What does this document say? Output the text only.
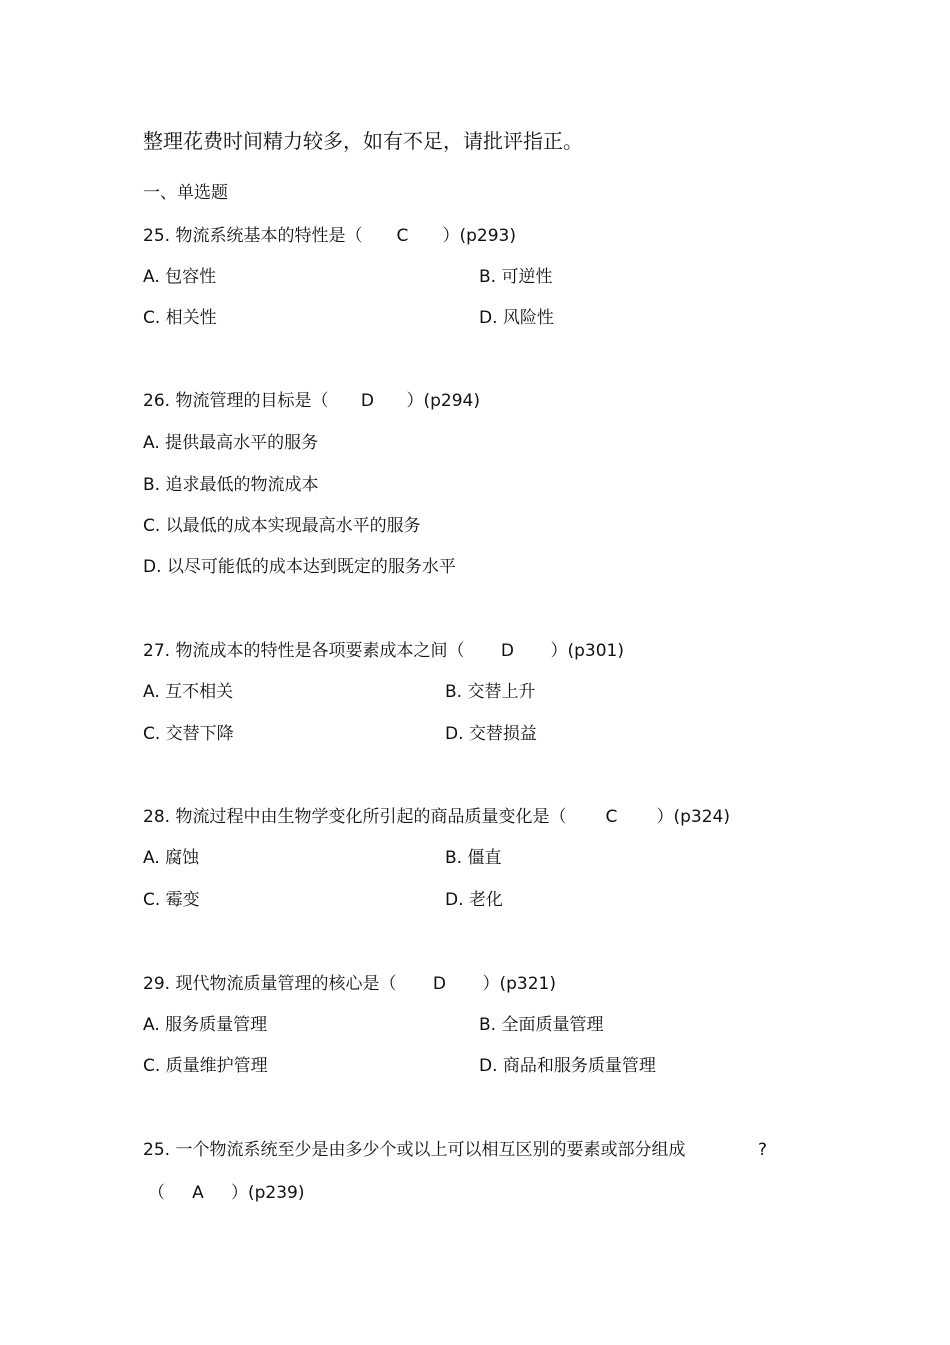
整理花费时间精力较多，如有不足，请批评指正。
一、单选题
25. 物流系统基本的特性是（ C ）(p293)
A. 包容性	B. 可逆性
C. 相关性	D. 风险性
26. 物流管理的目标是（ D ）(p294)
A. 提供最高水平的服务
B. 追求最低的物流成本
C. 以最低的成本实现最高水平的服务
D. 以尽可能低的成本达到既定的服务水平
27. 物流成本的特性是各项要素成本之间（ D ）(p301)
A. 互不相关	B. 交替上升
C. 交替下降	D. 交替损益
28. 物流过程中由生物学变化所引起的商品质量变化是（ C ）(p324)
A. 腐蚀	B. 僵直
C. 霉变	D. 老化
29. 现代物流质量管理的核心是（ D ）(p321)
A. 服务质量管理	B. 全面质量管理
C. 质量维护管理	D. 商品和服务质量管理
25. 一个物流系统至少是由多少个或以上可以相互区别的要素或部分组成	?
（ A ）(p239)
